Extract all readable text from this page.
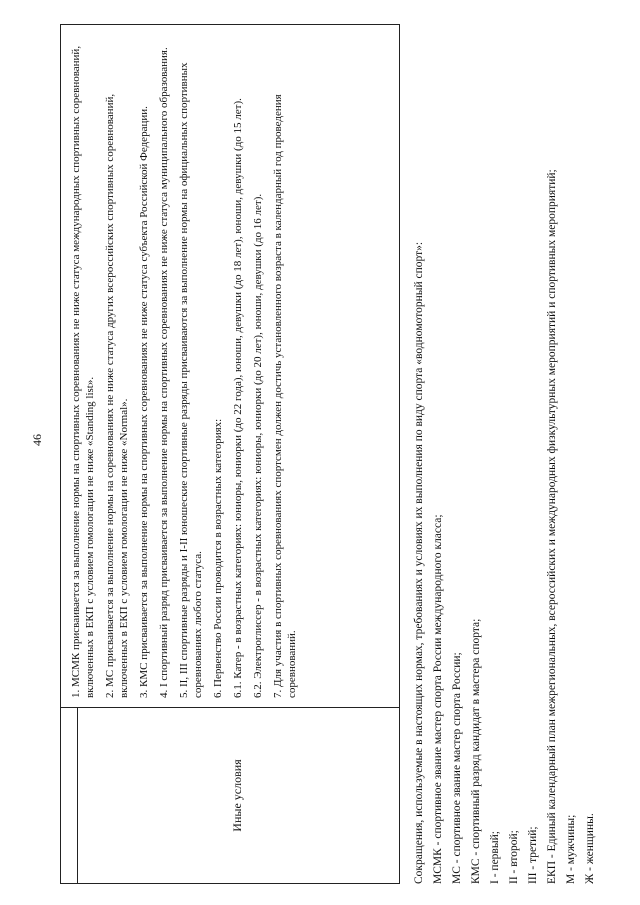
46
Иные условия

1. МСМК присваивается за выполнение нормы на спортивных соревнованиях не ниже статуса международных спортивных соревнований, включенных в ЕКП с условием гомологации не ниже «Standing list». 2. МС присваивается за выполнение нормы на соревнованиях не ниже статуса других всероссийских спортивных соревнований, включенных в ЕКП с условием гомологации не ниже «Normal». 3. КМС присваивается за выполнение нормы на спортивных соревнованиях не ниже статуса субъекта Российской Федерации. 4. I спортивный разряд присваивается за выполнение нормы на спортивных соревнованиях не ниже статуса муниципального образования. 5. II, III спортивные разряды и I-II юношеские спортивные разряды присваиваются за выполнение нормы на официальных спортивных соревнованиях любого статуса. 6. Первенство России проводится в возрастных категориях: 6.1. Катер - в возрастных категориях: юниоры, юниорки (до 22 года), юноши, девушки (до 18 лет), юноши, девушки (до 15 лет). 6.2. Электроглиссер - в возрастных категориях: юниоры, юниорки (до 20 лет), юноши, девушки (до 16 лет). 7. Для участия в спортивных соревнованиях спортсмен должен достичь установленного возраста в календарный год проведения соревнований.	Сокращения, используемые в настоящих нормах, требованиях и условиях их выполнения по виду спорта «водномоторный спорт»: МСМК - спортивное звание мастер спорта России международного класса; МС - спортивное звание мастер спорта России; КМС - спортивный разряд кандидат в мастера спорта; I - первый; II - второй; III - третий; ЕКП - Единый календарный план межрегиональных, всероссийских и международных физкультурных мероприятий и спортивных мероприятий; М - мужчины; Ж - женщины.
